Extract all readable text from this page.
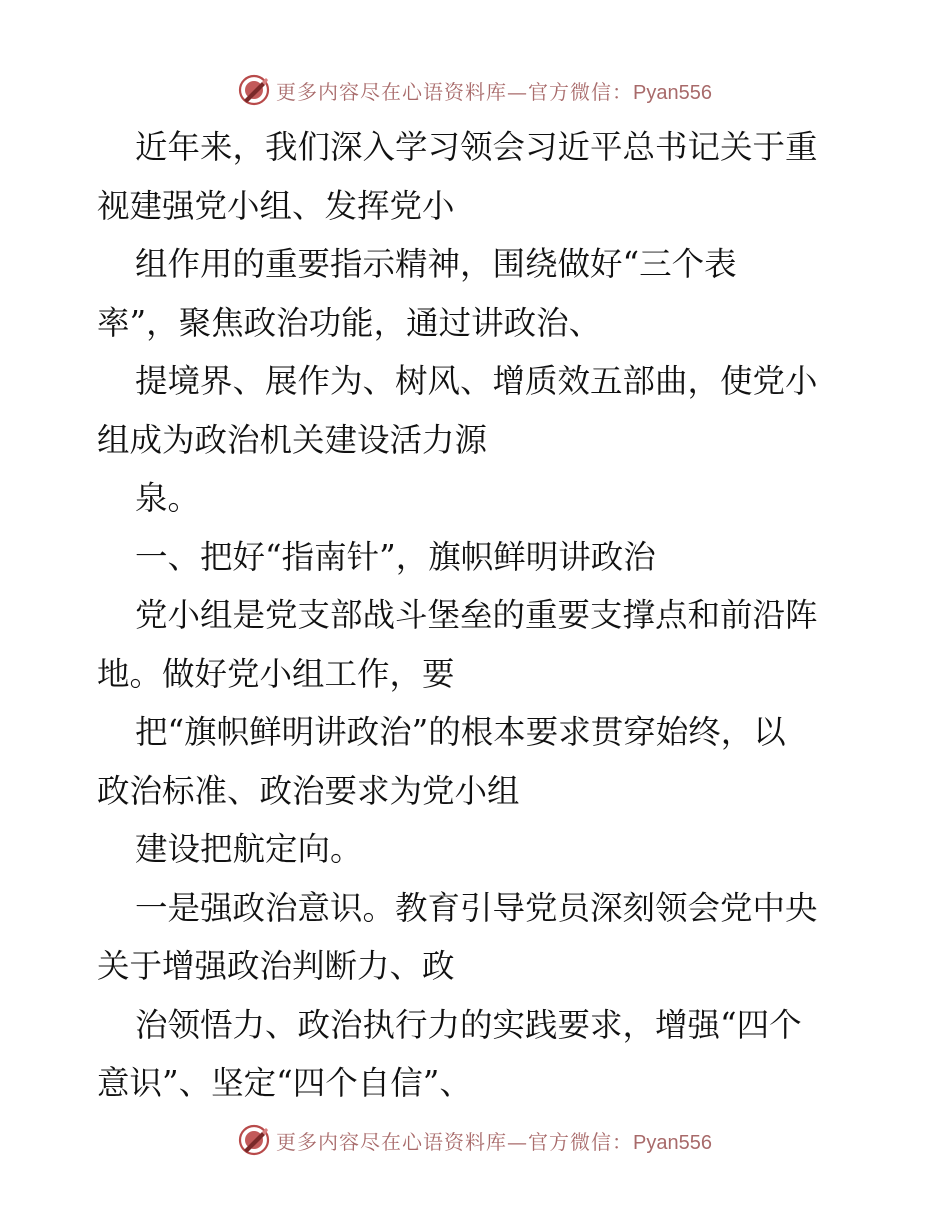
更多内容尽在心语资料库—官方微信：Pyan556
近年来，我们深入学习领会习近平总书记关于重
视建强党小组、发挥党小
组作用的重要指示精神，围绕做好“三个表
率”，聚焦政治功能，通过讲政治、
提境界、展作为、树风、增质效五部曲，使党小
组成为政治机关建设活力源
泉。
一、把好“指南针”，旗帜鲜明讲政治
党小组是党支部战斗堡垒的重要支撑点和前沿阵
地。做好党小组工作，要
把“旗帜鲜明讲政治”的根本要求贯穿始终，以
政治标准、政治要求为党小组
建设把航定向。
一是强政治意识。教育引导党员深刻领会党中央
关于增强政治判断力、政
治领悟力、政治执行力的实践要求，增强“四个
意识”、坚定“四个自信”、
更多内容尽在心语资料库—官方微信：Pyan556
